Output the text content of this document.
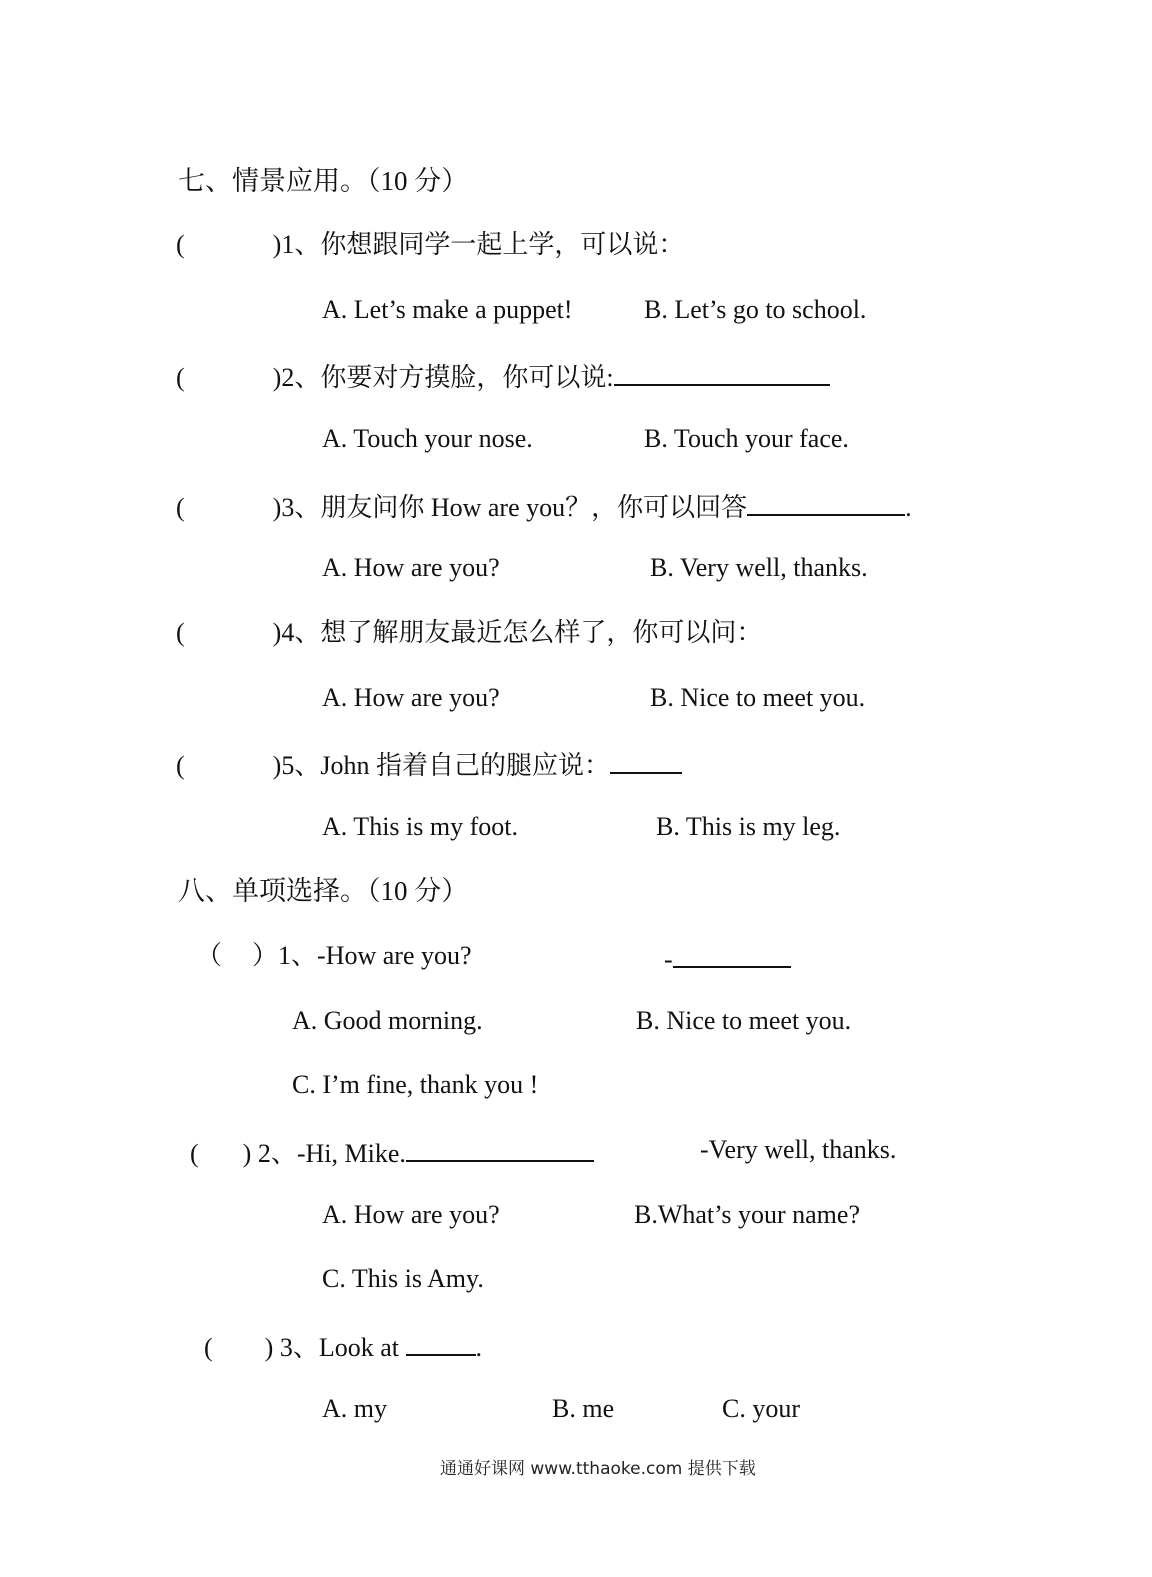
七、情景应用。（10 分）
(	)1、你想跟同学一起上学，可以说：
A. Let’s make a puppet!	B. Let’s go to school.
(	)2、你要对方摸脸，你可以说:
A. Touch your nose.	B. Touch your face.
(	)3、朋友问你 How are you？，你可以回答	.
A. How are you?	B. Very well, thanks.
(	)4、想了解朋友最近怎么样了，你可以问：
A. How are you?	B. Nice to meet you.
(	)5、John 指着自己的腿应说：
A. This is my foot.	B. This is my leg.
八、单项选择。（10 分）
（ ）1、-How are you?	-
A. Good morning.	B. Nice to meet you.
C. I’m fine, thank you !
( ) 2、-Hi, Mike.	-Very well, thanks.
A. How are you?	B.What’s your name?
C. This is Amy.
( ) 3、Look at	.
A. my	B. me	C. your
通通好课网 www.tthaoke.com 提供下载
